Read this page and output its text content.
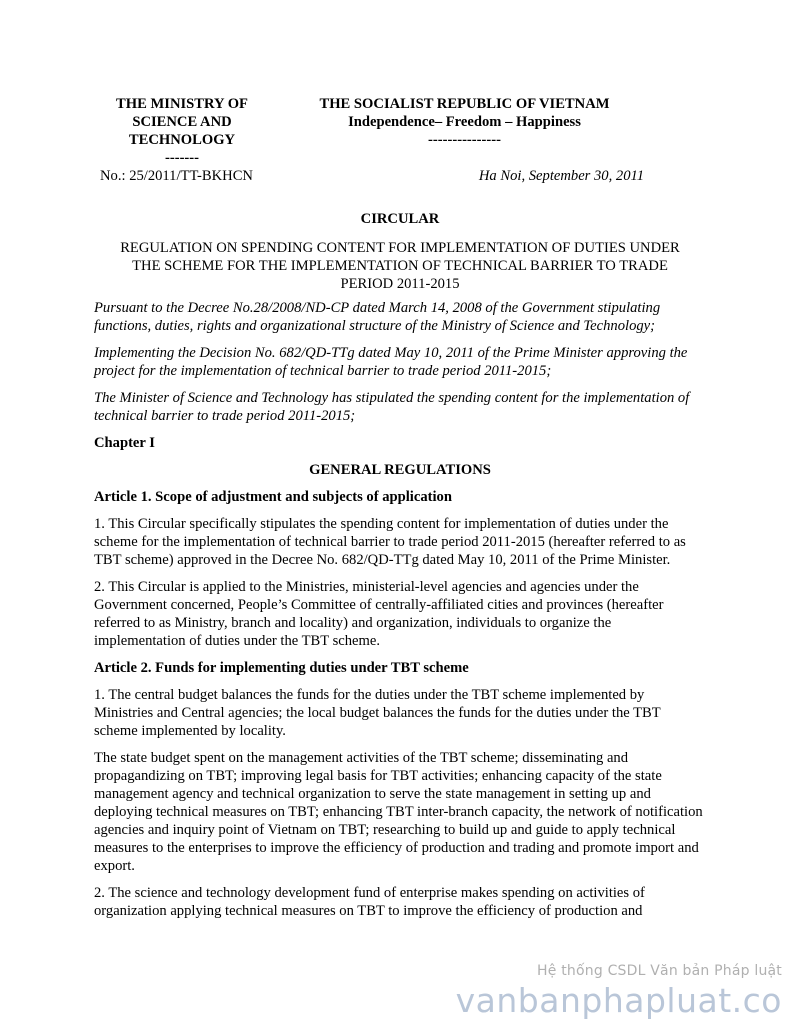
THE MINISTRY OF
SCIENCE AND
TECHNOLOGY
-------
THE SOCIALIST REPUBLIC OF VIETNAM
Independence– Freedom – Happiness
---------------
No.: 25/2011/TT-BKHCN	Ha Noi, September 30, 2011
CIRCULAR
REGULATION ON SPENDING CONTENT FOR IMPLEMENTATION OF DUTIES UNDER
THE SCHEME FOR THE IMPLEMENTATION OF TECHNICAL BARRIER TO TRADE
PERIOD 2011-2015

Pursuant to the Decree No.28/2008/ND-CP dated March 14, 2008 of the Government stipulating functions, duties, rights and organizational structure of the Ministry of Science and Technology;

Implementing the Decision No. 682/QD-TTg dated May 10, 2011 of the Prime Minister approving the project for the implementation of technical barrier to trade period 2011-2015;

The Minister of Science and Technology has stipulated the spending content for the implementation of technical barrier to trade period 2011-2015;

Chapter I
GENERAL REGULATIONS
Article 1. Scope of adjustment and subjects of application

1. This Circular specifically stipulates the spending content for implementation of duties under the scheme for the implementation of technical barrier to trade period 2011-2015 (hereafter referred to as TBT scheme) approved in the Decree No. 682/QD-TTg dated May 10, 2011 of the Prime Minister.

2. This Circular is applied to the Ministries, ministerial-level agencies and agencies under the Government concerned, People’s Committee of centrally-affiliated cities and provinces (hereafter referred to as Ministry, branch and locality) and organization, individuals to organize the implementation of duties under the TBT scheme.

Article 2. Funds for implementing duties under TBT scheme

1. The central budget balances the funds for the duties under the TBT scheme implemented by Ministries and Central agencies; the local budget balances the funds for the duties under the TBT scheme implemented by locality.

The state budget spent on the management activities of the TBT scheme; disseminating and propagandizing on TBT; improving legal basis for TBT activities; enhancing capacity of the state management agency and technical organization to serve the state management in setting up and deploying technical measures on TBT; enhancing TBT inter-branch capacity, the network of notification agencies and inquiry point of Vietnam on TBT; researching to build up and guide to apply technical measures to the enterprises to improve the efficiency of production and trading and promote import and export.

2. The science and technology development fund of enterprise makes spending on activities of organization applying technical measures on TBT to improve the efficiency of production and

Hệ thống CSDL Văn bản Pháp luật
vanbanphapluat.co
